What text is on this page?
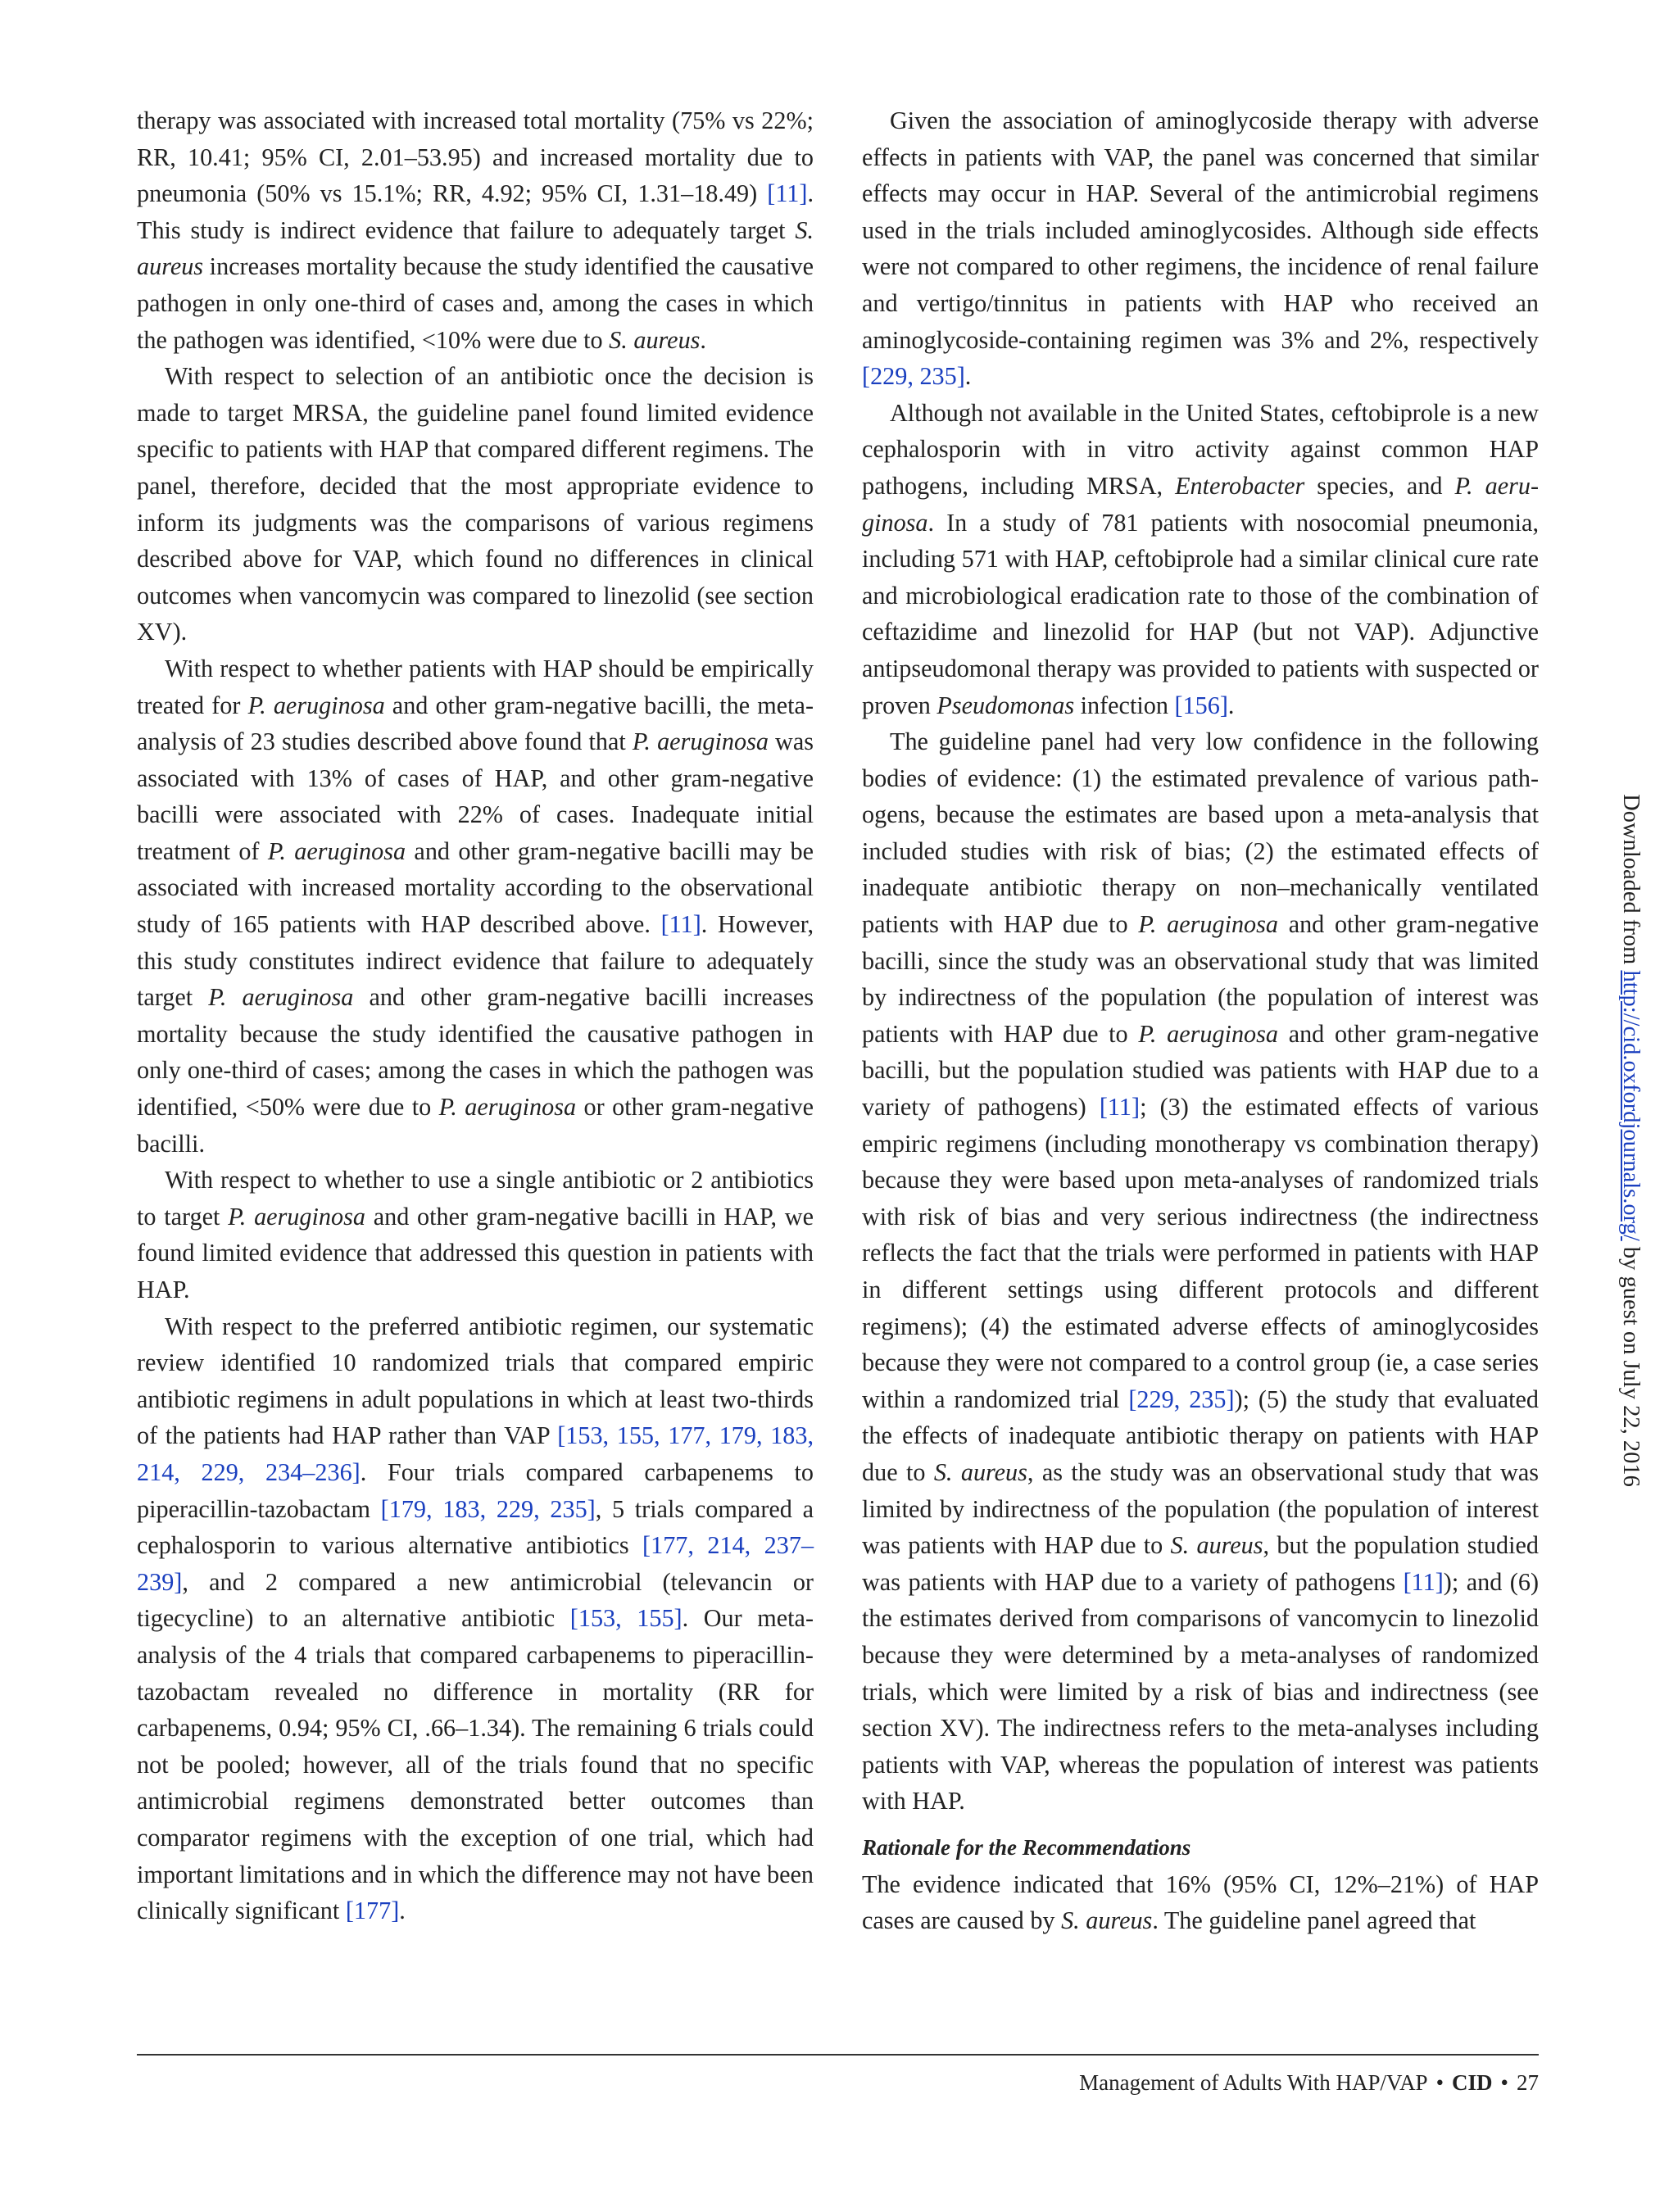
therapy was associated with increased total mortality (75% vs 22%; RR, 10.41; 95% CI, 2.01–53.95) and increased mortality due to pneumonia (50% vs 15.1%; RR, 4.92; 95% CI, 1.31–18.49) [11]. This study is indirect evidence that failure to adequately target S. aureus increases mortality because the study identified the causative pathogen in only one-third of cases and, among the cases in which the pathogen was identified, <10% were due to S. aureus.

With respect to selection of an antibiotic once the decision is made to target MRSA, the guideline panel found limited evidence specific to patients with HAP that compared different regimens. The panel, therefore, decided that the most appropriate evidence to inform its judgments was the comparisons of various regimens described above for VAP, which found no differences in clinical outcomes when vancomycin was compared to linezolid (see section XV).

With respect to whether patients with HAP should be empirically treated for P. aeruginosa and other gram-negative bacilli, the meta-analysis of 23 studies described above found that P. aeruginosa was associated with 13% of cases of HAP, and other gram-negative bacilli were associated with 22% of cases. Inadequate initial treatment of P. aeruginosa and other gram-negative bacilli may be associated with increased mortality according to the observational study of 165 patients with HAP described above. [11]. However, this study constitutes indirect evidence that failure to adequately target P. aeruginosa and other gram-negative bacilli increases mortality because the study identified the causative pathogen in only one-third of cases; among the cases in which the pathogen was identified, <50% were due to P. aeruginosa or other gram-negative bacilli.

With respect to whether to use a single antibiotic or 2 antibiotics to target P. aeruginosa and other gram-negative bacilli in HAP, we found limited evidence that addressed this question in patients with HAP.

With respect to the preferred antibiotic regimen, our systematic review identified 10 randomized trials that compared empiric antibiotic regimens in adult populations in which at least two-thirds of the patients had HAP rather than VAP [153, 155, 177, 179, 183, 214, 229, 234–236]. Four trials compared carbapenems to piperacillin-tazobactam [179, 183, 229, 235], 5 trials compared a cephalosporin to various alternative antibiotics [177, 214, 237–239], and 2 compared a new antimicrobial (televancin or tigecycline) to an alternative antibiotic [153, 155]. Our meta-analysis of the 4 trials that compared carbapenems to piperacillin-tazobactam revealed no difference in mortality (RR for carbapenems, 0.94; 95% CI, .66–1.34). The remaining 6 trials could not be pooled; however, all of the trials found that no specific antimicrobial regimens demonstrated better outcomes than comparator regimens with the exception of one trial, which had important limitations and in which the difference may not have been clinically significant [177].

Given the association of aminoglycoside therapy with adverse effects in patients with VAP, the panel was concerned that similar effects may occur in HAP. Several of the antimicrobial regimens used in the trials included aminoglycosides. Although side effects were not compared to other regimens, the incidence of renal failure and vertigo/tinnitus in patients with HAP who received an aminoglycoside-containing regimen was 3% and 2%, respectively [229, 235].

Although not available in the United States, ceftobiprole is a new cephalosporin with in vitro activity against common HAP pathogens, including MRSA, Enterobacter species, and P. aeruginosa. In a study of 781 patients with nosocomial pneumonia, including 571 with HAP, ceftobiprole had a similar clinical cure rate and microbiological eradication rate to those of the combination of ceftazidime and linezolid for HAP (but not VAP). Adjunctive antipseudomonal therapy was provided to patients with suspected or proven Pseudomonas infection [156].

The guideline panel had very low confidence in the following bodies of evidence: (1) the estimated prevalence of various pathogens, because the estimates are based upon a meta-analysis that included studies with risk of bias; (2) the estimated effects of inadequate antibiotic therapy on non–mechanically ventilated patients with HAP due to P. aeruginosa and other gram-negative bacilli, since the study was an observational study that was limited by indirectness of the population (the population of interest was patients with HAP due to P. aeruginosa and other gram-negative bacilli, but the population studied was patients with HAP due to a variety of pathogens) [11]; (3) the estimated effects of various empiric regimens (including monotherapy vs combination therapy) because they were based upon meta-analyses of randomized trials with risk of bias and very serious indirectness (the indirectness reflects the fact that the trials were performed in patients with HAP in different settings using different protocols and different regimens); (4) the estimated adverse effects of aminoglycosides because they were not compared to a control group (ie, a case series within a randomized trial [229, 235]); (5) the study that evaluated the effects of inadequate antibiotic therapy on patients with HAP due to S. aureus, as the study was an observational study that was limited by indirectness of the population (the population of interest was patients with HAP due to S. aureus, but the population studied was patients with HAP due to a variety of pathogens [11]); and (6) the estimates derived from comparisons of vancomycin to linezolid because they were determined by a meta-analyses of randomized trials, which were limited by a risk of bias and indirectness (see section XV). The indirectness refers to the meta-analyses including patients with VAP, whereas the population of interest was patients with HAP.

Rationale for the Recommendations

The evidence indicated that 16% (95% CI, 12%–21%) of HAP cases are caused by S. aureus. The guideline panel agreed that

Downloaded from http://cid.oxfordjournals.org/ by guest on July 22, 2016
Management of Adults With HAP/VAP • CID • 27
